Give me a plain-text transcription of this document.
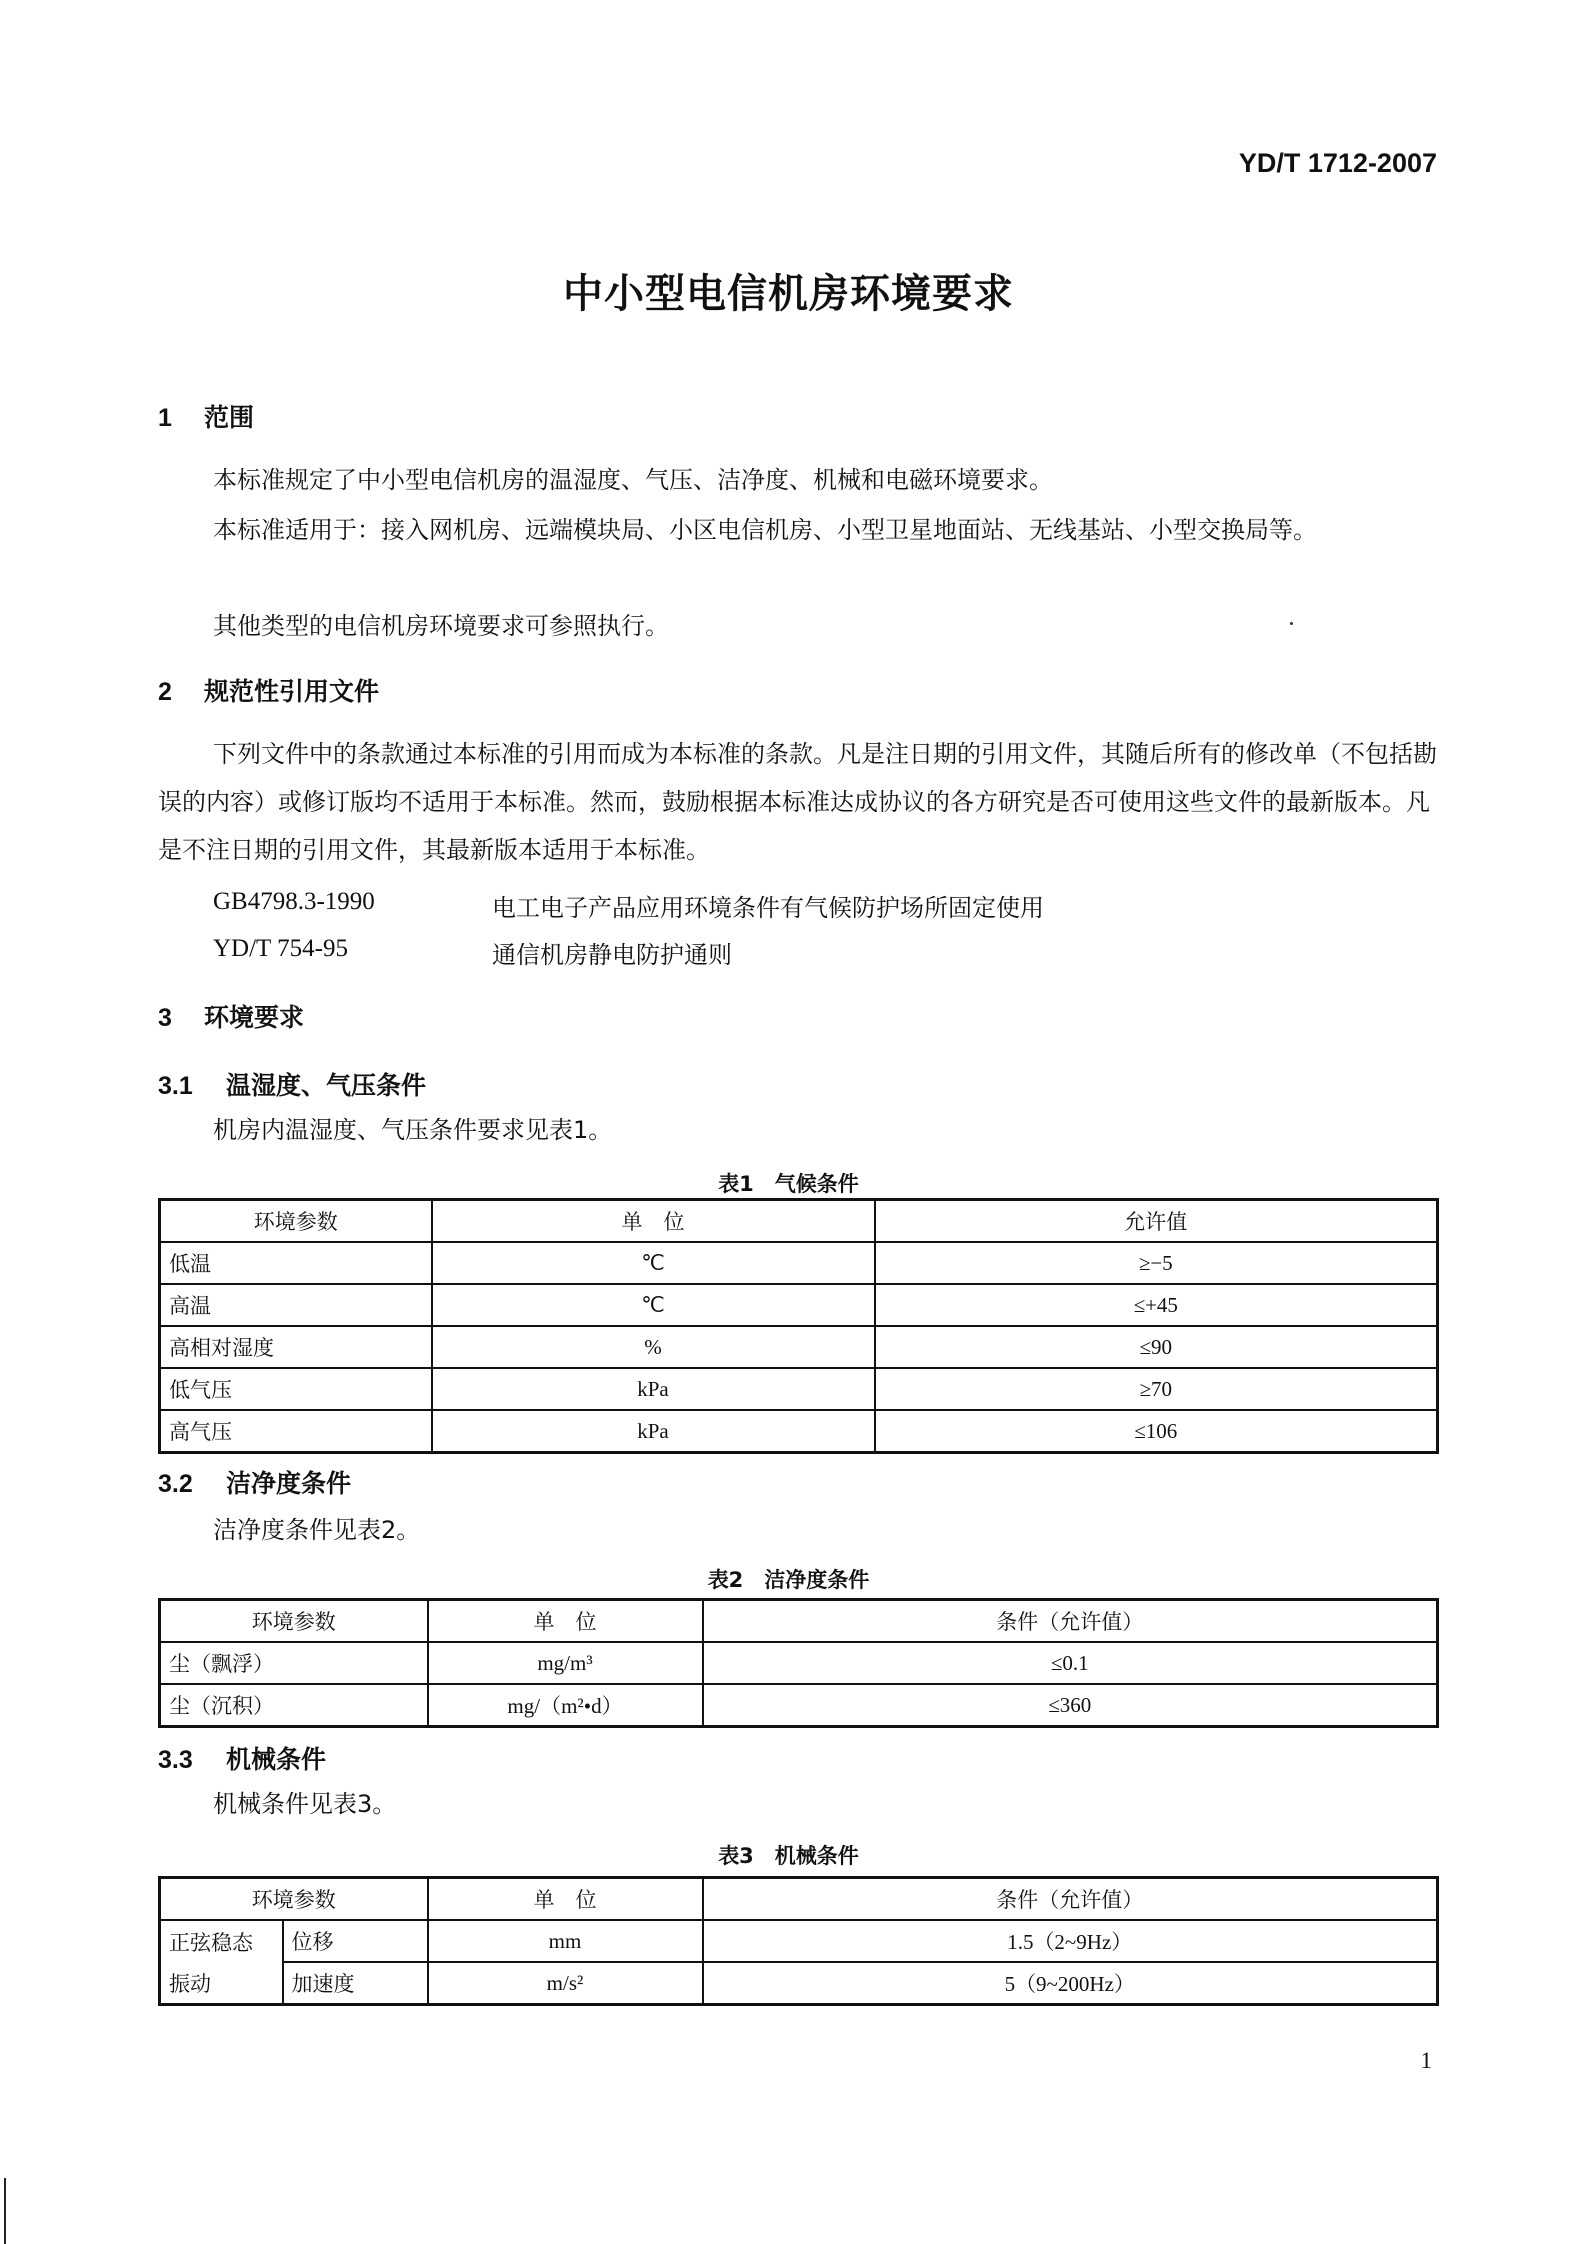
YD/T 1712-2007
中小型电信机房环境要求
1 范围
本标准规定了中小型电信机房的温湿度、气压、洁净度、机械和电磁环境要求。
本标准适用于：接入网机房、远端模块局、小区电信机房、小型卫星地面站、无线基站、小型交换局等。
其他类型的电信机房环境要求可参照执行。
2 规范性引用文件
下列文件中的条款通过本标准的引用而成为本标准的条款。凡是注日期的引用文件，其随后所有的修改单（不包括勘误的内容）或修订版均不适用于本标准。然而，鼓励根据本标准达成协议的各方研究是否可使用这些文件的最新版本。凡是不注日期的引用文件，其最新版本适用于本标准。
GB4798.3-1990	电工电子产品应用环境条件有气候防护场所固定使用
YD/T 754-95	通信机房静电防护通则
3 环境要求
3.1 温湿度、气压条件
机房内温湿度、气压条件要求见表1。
表1　气候条件
环境参数	单　位	允许值
低温	℃	≥−5
高温	℃	≤+45
高相对湿度	%	≤90
低气压	kPa	≥70
高气压	kPa	≤106
3.2 洁净度条件
洁净度条件见表2。
表2　洁净度条件
环境参数	单　位	条件（允许值）
尘（飘浮）	mg/m³	≤0.1
尘（沉积）	mg/（m²•d）	≤360
3.3 机械条件
机械条件见表3。
表3　机械条件
环境参数		单　位	条件（允许值）
正弦稳态	位移	mm	1.5（2~9Hz）
振动	加速度	m/s²	5（9~200Hz）
1
